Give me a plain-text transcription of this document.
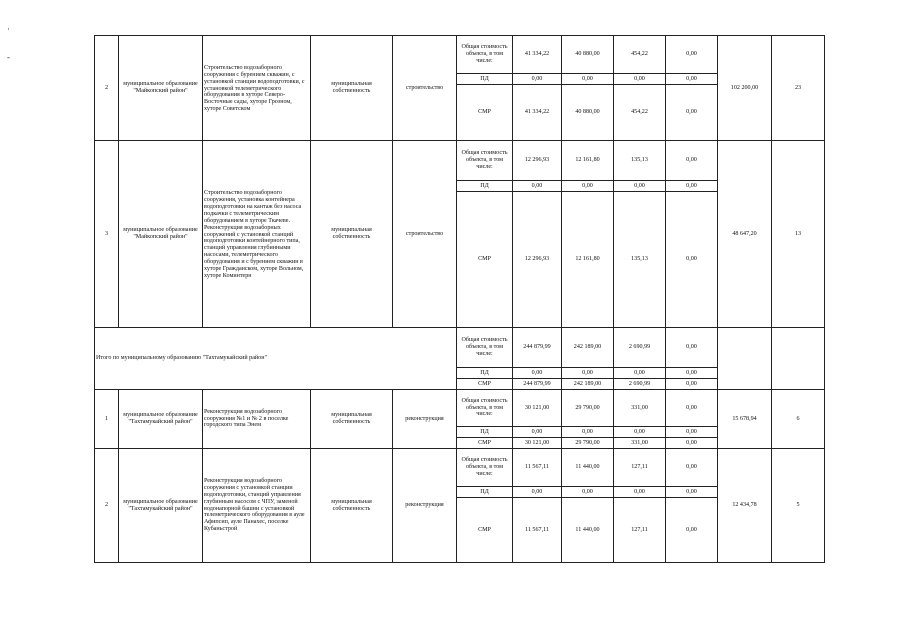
·
-
2	муниципальное образование "Майкопский район"	Строительство водозаборного сооружения с бурением скважин, с установкой станции водоподготовки, с установкой телеметрического оборудования в хуторе Северо-Восточные сады, хуторе Грозном, хуторе Советском	муниципальная собственность	строительство	Общая стоимость объекта, в том числе:	41 334,22	40 880,00	454,22	0,00	102 200,00	23
					ПД	0,00	0,00	0,00	0,00		
					СМР	41 334,22	40 880,00	454,22	0,00		
3	муниципальное образование "Майкопский район"	Строительство водозаборного сооружения, установка контейнера водоподготовки на кантаж без насоса подкачки с телеметрическим оборудованием в хуторе Ткачеве. Реконструкция водозаборных сооружений с установкой станций водоподготовки контейнерного типа, станций управления глубинными насосами, телеметрического оборудования и с бурением скважин в хуторе Гражданском, хуторе Вольном, хуторе Коминтерн	муниципальная собственность	строительство	Общая стоимость объекта, в том числе:	12 296,93	12 161,80	135,13	0,00	48 647,20	13
					ПД	0,00	0,00	0,00	0,00		
					СМР	12 296,93	12 161,80	135,13	0,00		
Итого по муниципальному образованию "Тахтамукайский район"					Общая стоимость объекта, в том числе:	244 879,99	242 189,00	2 690,99	0,00		
					ПД	0,00	0,00	0,00	0,00		
					СМР	244 879,99	242 189,00	2 690,99	0,00		
1	муниципальное образование "Тахтамукайский район"	Реконструкция водозаборного сооружения №1 и № 2 в поселке городского типа Энем	муниципальная собственность	реконструкция	Общая стоимость объекта, в том числе:	30 121,00	29 790,00	331,00	0,00	15 678,94	6
					ПД	0,00	0,00	0,00	0,00		
					СМР	30 121,00	29 790,00	331,00	0,00		
2	муниципальное образование "Тахтамукайский район"	Реконструкция водозаборного сооружения с установкой станции водоподготовки, станций управления глубинным насосом с ЧПУ, заменой водонапорной башни с установкой телеметрического оборудования в ауле Афипсип, ауле Панахес, поселке Кубаньстрой	муниципальная собственность	реконструкция	Общая стоимость объекта, в том числе:	11 567,11	11 440,00	127,11	0,00	12 434,78	5
					ПД	0,00	0,00	0,00	0,00		
					СМР	11 567,11	11 440,00	127,11	0,00		
